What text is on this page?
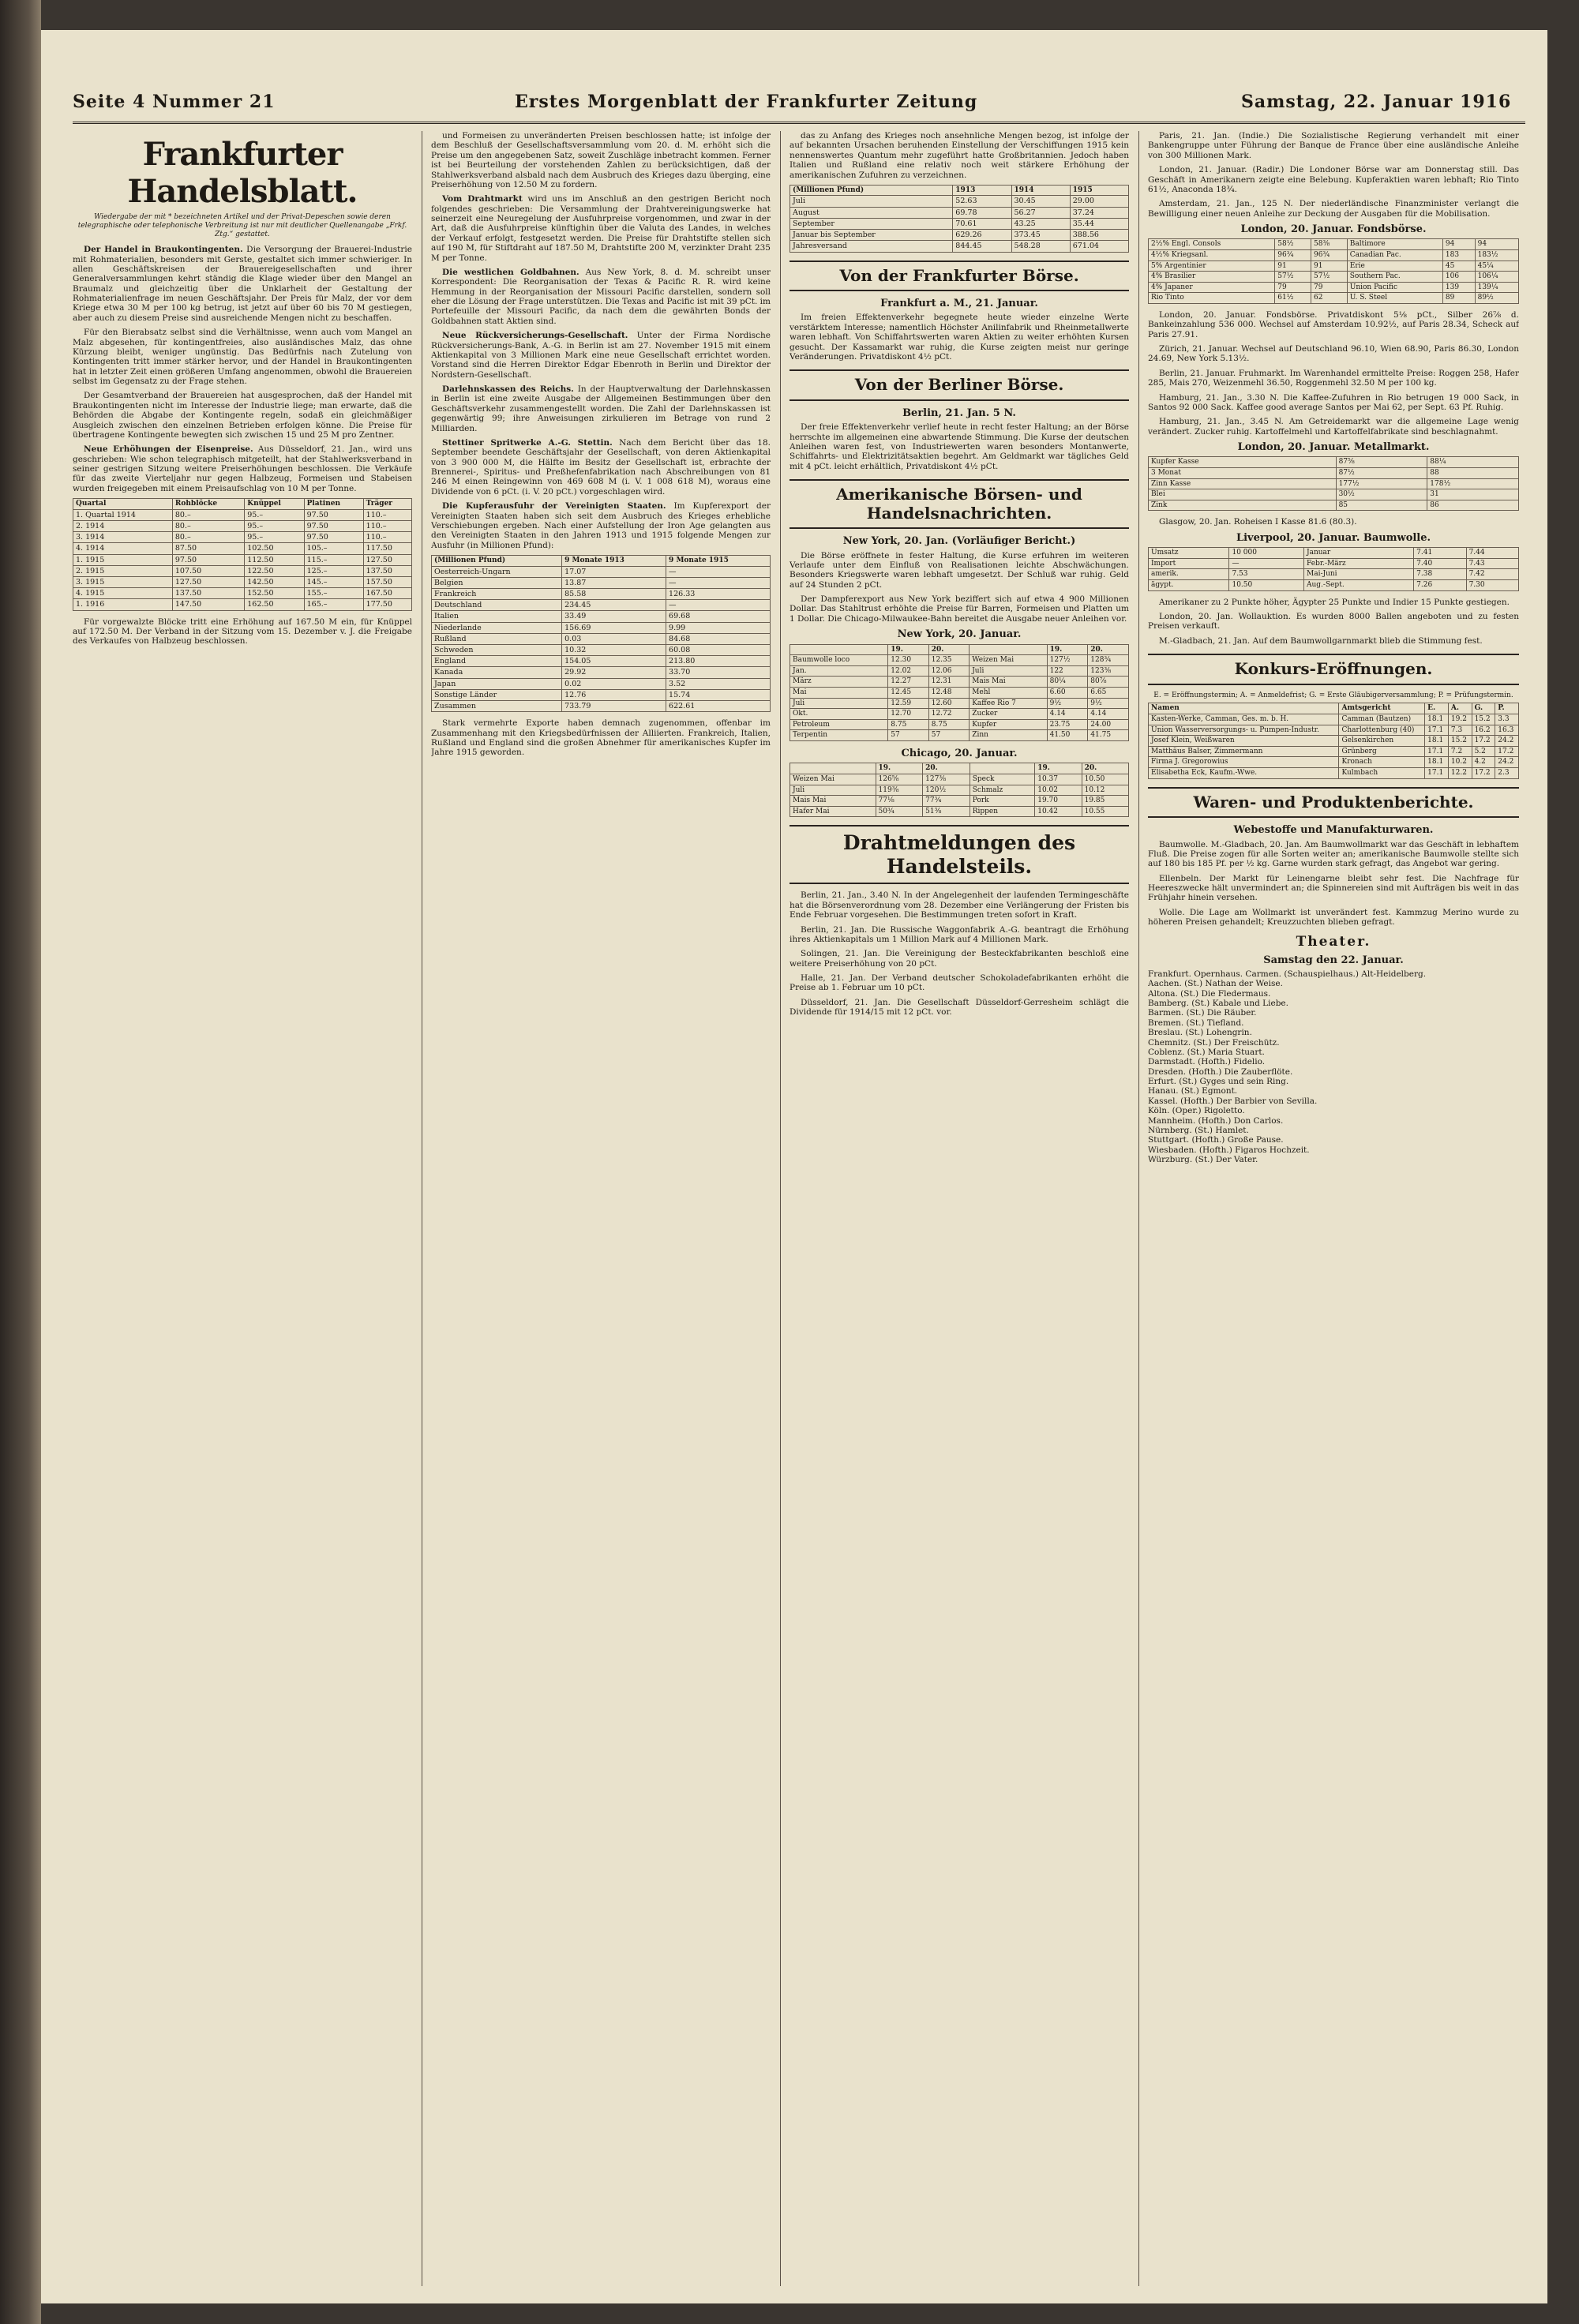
Seite 4 Nummer 21	Erstes Morgenblatt der Frankfurter Zeitung	Samstag, 22. Januar 1916
Frankfurter Handelsblatt.
Wiedergabe der mit * bezeichneten Artikel und der Privat-Depeschen sowie deren telegraphische oder telephonische Verbreitung ist nur mit deutlicher Quellenangabe „Frkf. Ztg.“ gestattet.

Der Handel in Braukontingenten. Die Versorgung der Brauerei-Industrie mit Rohmaterialien, besonders mit Gerste, gestaltet sich immer schwieriger. In allen Geschäftskreisen der Brauereigesellschaften und ihrer Generalversammlungen kehrt ständig die Klage wieder über den Mangel an Braumalz und gleichzeitig über die Unklarheit der Gestaltung der Rohmaterialienfrage im neuen Geschäftsjahr. Der Preis für Malz, der vor dem Kriege etwa 30 M per 100 kg betrug, ist jetzt auf über 60 bis 70 M gestiegen, aber auch zu diesem Preise sind ausreichende Mengen nicht zu beschaffen.

Für den Bierabsatz selbst sind die Verhältnisse, wenn auch vom Mangel an Malz abgesehen, für kontingentfreies, also ausländisches Malz, das ohne Kürzung bleibt, weniger ungünstig. Das Bedürfnis nach Zutelung von Kontingenten tritt immer stärker hervor, und der Handel in Braukontingenten hat in letzter Zeit einen größeren Umfang angenommen, obwohl die Brauereien selbst im Gegensatz zu der Frage stehen.

Der Gesamtverband der Brauereien hat ausgesprochen, daß der Handel mit Braukontingenten nicht im Interesse der Industrie liege; man erwarte, daß die Behörden die Abgabe der Kontingente regeln, sodaß ein gleichmäßiger Ausgleich zwischen den einzelnen Betrieben erfolgen könne. Die Preise für übertragene Kontingente bewegten sich zwischen 15 und 25 M pro Zentner.

Neue Erhöhungen der Eisenpreise. Aus Düsseldorf, 21. Jan., wird uns geschrieben: Wie schon telegraphisch mitgeteilt, hat der Stahlwerksverband in seiner gestrigen Sitzung weitere Preiserhöhungen beschlossen. Die Verkäufe für das zweite Vierteljahr nur gegen Halbzeug, Formeisen und Stabeisen wurden freigegeben mit einem Preisaufschlag von 10 M per Tonne.

Quartal	Rohblöcke	Knüppel	Platinen	Träger
1. Quartal 1914	80.–	95.–	97.50	110.–
2. 1914	80.–	95.–	97.50	110.–
3. 1914	80.–	95.–	97.50	110.–
4. 1914	87.50	102.50	105.–	117.50
1. 1915	97.50	112.50	115.–	127.50
2. 1915	107.50	122.50	125.–	137.50
3. 1915	127.50	142.50	145.–	157.50
4. 1915	137.50	152.50	155.–	167.50
1. 1916	147.50	162.50	165.–	177.50

Für vorgewalzte Blöcke tritt eine Erhöhung auf 167.50 M ein, für Knüppel auf 172.50 M. Der Verband in der Sitzung vom 15. Dezember v. J. die Freigabe des Verkaufes von Halbzeug beschlossen.

und Formeisen zu unveränderten Preisen beschlossen hatte; ist infolge der dem Beschluß der Gesellschaftsversammlung vom 20. d. M. erhöht sich die Preise um den angegebenen Satz, soweit Zuschläge inbetracht kommen. Ferner ist bei Beurteilung der vorstehenden Zahlen zu berücksichtigen, daß der Stahlwerksverband alsbald nach dem Ausbruch des Krieges dazu überging, eine Preiserhöhung von 12.50 M zu fordern.

Vom Drahtmarkt wird uns im Anschluß an den gestrigen Bericht noch folgendes geschrieben: Die Versammlung der Drahtvereinigungswerke hat seinerzeit eine Neuregelung der Ausfuhrpreise vorgenommen, und zwar in der Art, daß die Ausfuhrpreise künftighin über die Valuta des Landes, in welches der Verkauf erfolgt, festgesetzt werden. Die Preise für Drahtstifte stellen sich auf 190 M, für Stiftdraht auf 187.50 M, Drahtstifte 200 M, verzinkter Draht 235 M per Tonne.

Die westlichen Goldbahnen. Aus New York, 8. d. M. schreibt unser Korrespondent: Die Reorganisation der Texas & Pacific R. R. wird keine Hemmung in der Reorganisation der Missouri Pacific darstellen, sondern soll eher die Lösung der Frage unterstützen. Die Texas and Pacific ist mit 39 pCt. im Portefeuille der Missouri Pacific, da nach dem die gewährten Bonds der Goldbahnen statt Aktien sind.

Neue Rückversicherungs-Gesellschaft. Unter der Firma Nordische Rückversicherungs-Bank, A.-G. in Berlin ist am 27. November 1915 mit einem Aktienkapital von 3 Millionen Mark eine neue Gesellschaft errichtet worden. Vorstand sind die Herren Direktor Edgar Ebenroth in Berlin und Direktor der Nordstern-Gesellschaft.

Darlehnskassen des Reichs. In der Hauptverwaltung der Darlehnskassen in Berlin ist eine zweite Ausgabe der Allgemeinen Bestimmungen über den Geschäftsverkehr zusammengestellt worden. Die Zahl der Darlehnskassen ist gegenwärtig 99; ihre Anweisungen zirkulieren im Betrage von rund 2 Milliarden.

Stettiner Spritwerke A.-G. Stettin. Nach dem Bericht über das 18. September beendete Geschäftsjahr der Gesellschaft, von deren Aktienkapital von 3 900 000 M, die Hälfte im Besitz der Gesellschaft ist, erbrachte der Brennerei-, Spiritus- und Preßhefenfabrikation nach Abschreibungen von 81 246 M einen Reingewinn von 469 608 M (i. V. 1 008 618 M), woraus eine Dividende von 6 pCt. (i. V. 20 pCt.) vorgeschlagen wird.

Die Kupferausfuhr der Vereinigten Staaten. Im Kupferexport der Vereinigten Staaten haben sich seit dem Ausbruch des Krieges erhebliche Verschiebungen ergeben. Nach einer Aufstellung der Iron Age gelangten aus den Vereinigten Staaten in den Jahren 1913 und 1915 folgende Mengen zur Ausfuhr (in Millionen Pfund):

(Millionen Pfund)	9 Monate 1913	9 Monate 1915
Oesterreich-Ungarn	17.07	—
Belgien	13.87	—
Frankreich	85.58	126.33
Deutschland	234.45	—
Italien	33.49	69.68
Niederlande	156.69	9.99
Rußland	0.03	84.68
Schweden	10.32	60.08
England	154.05	213.80
Kanada	29.92	33.70
Japan	0.02	3.52
Sonstige Länder	12.76	15.74
Zusammen	733.79	622.61

Stark vermehrte Exporte haben demnach zugenommen, offenbar im Zusammenhang mit den Kriegsbedürfnissen der Alliierten. Frankreich, Italien, Rußland und England sind die großen Abnehmer für amerikanisches Kupfer im Jahre 1915 geworden.

das zu Anfang des Krieges noch ansehnliche Mengen bezog, ist infolge der auf bekannten Ursachen beruhenden Einstellung der Verschiffungen 1915 kein nennenswertes Quantum mehr zugeführt hatte Großbritannien. Jedoch haben Italien und Rußland eine relativ noch weit stärkere Erhöhung der amerikanischen Zufuhren zu verzeichnen.

(Millionen Pfund)	1913	1914	1915
Juli	52.63	30.45	29.00
August	69.78	56.27	37.24
September	70.61	43.25	35.44
Januar bis September	629.26	373.45	388.56
Jahresversand	844.45	548.28	671.04
Von der Frankfurter Börse.
Frankfurt a. M., 21. Januar.

Im freien Effektenverkehr begegnete heute wieder einzelne Werte verstärktem Interesse; namentlich Höchster Anilinfabrik und Rheinmetallwerte waren lebhaft. Von Schiffahrtswerten waren Aktien zu weiter erhöhten Kursen gesucht. Der Kassamarkt war ruhig, die Kurse zeigten meist nur geringe Veränderungen. Privatdiskont 4½ pCt.

Von der Berliner Börse.
Berlin, 21. Jan. 5 N.

Der freie Effektenverkehr verlief heute in recht fester Haltung; an der Börse herrschte im allgemeinen eine abwartende Stimmung. Die Kurse der deutschen Anleihen waren fest, von Industriewerten waren besonders Montanwerte, Schiffahrts- und Elektrizitätsaktien begehrt. Am Geldmarkt war tägliches Geld mit 4 pCt. leicht erhältlich, Privatdiskont 4½ pCt.

Amerikanische Börsen- und Handelsnachrichten.
New York, 20. Jan. (Vorläufiger Bericht.)

Die Börse eröffnete in fester Haltung, die Kurse erfuhren im weiteren Verlaufe unter dem Einfluß von Realisationen leichte Abschwächungen. Besonders Kriegswerte waren lebhaft umgesetzt. Der Schluß war ruhig. Geld auf 24 Stunden 2 pCt.

Der Dampferexport aus New York beziffert sich auf etwa 4 900 Millionen Dollar. Das Stahltrust erhöhte die Preise für Barren, Formeisen und Platten um 1 Dollar. Die Chicago-Milwaukee-Bahn bereitet die Ausgabe neuer Anleihen vor.

New York, 20. Januar.
	19.	20.		19.	20.
Baumwolle loco	12.30	12.35	Weizen Mai	127½	128¾
Jan.	12.02	12.06	Juli	122	123⅜
März	12.27	12.31	Mais Mai	80¼	80⅞
Mai	12.45	12.48	Mehl	6.60	6.65
Juli	12.59	12.60	Kaffee Rio 7	9½	9½
Okt.	12.70	12.72	Zucker	4.14	4.14
Petroleum	8.75	8.75	Kupfer	23.75	24.00
Terpentin	57	57	Zinn	41.50	41.75
Chicago, 20. Januar.
	19.	20.		19.	20.
Weizen Mai	126⅝	127⅜	Speck	10.37	10.50
Juli	119⅜	120½	Schmalz	10.02	10.12
Mais Mai	77⅛	77¾	Pork	19.70	19.85
Hafer Mai	50¾	51⅜	Rippen	10.42	10.55
Drahtmeldungen des Handelsteils.

Berlin, 21. Jan., 3.40 N. In der Angelegenheit der laufenden Termingeschäfte hat die Börsenverordnung vom 28. Dezember eine Verlängerung der Fristen bis Ende Februar vorgesehen. Die Bestimmungen treten sofort in Kraft.

Berlin, 21. Jan. Die Russische Waggonfabrik A.-G. beantragt die Erhöhung ihres Aktienkapitals um 1 Million Mark auf 4 Millionen Mark.

Solingen, 21. Jan. Die Vereinigung der Besteckfabrikanten beschloß eine weitere Preiserhöhung von 20 pCt.

Halle, 21. Jan. Der Verband deutscher Schokoladefabrikanten erhöht die Preise ab 1. Februar um 10 pCt.

Düsseldorf, 21. Jan. Die Gesellschaft Düsseldorf-Gerresheim schlägt die Dividende für 1914/15 mit 12 pCt. vor.

Paris, 21. Jan. (Indie.) Die Sozialistische Regierung verhandelt mit einer Bankengruppe unter Führung der Banque de France über eine ausländische Anleihe von 300 Millionen Mark.

London, 21. Januar. (Radir.) Die Londoner Börse war am Donnerstag still. Das Geschäft in Amerikanern zeigte eine Belebung. Kupferaktien waren lebhaft; Rio Tinto 61½, Anaconda 18¾.

Amsterdam, 21. Jan., 125 N. Der niederländische Finanzminister verlangt die Bewilligung einer neuen Anleihe zur Deckung der Ausgaben für die Mobilisation.

London, 20. Januar. Fondsbörse.
2½% Engl. Consols	58½	58⅜	Baltimore	94	94
4½% Kriegsanl.	96¾	96¾	Canadian Pac.	183	183½
5% Argentinier	91	91	Erie	45	45¼
4% Brasilier	57½	57½	Southern Pac.	106	106¼
4% Japaner	79	79	Union Pacific	139	139¼
Rio Tinto	61½	62	U. S. Steel	89	89½

London, 20. Januar. Fondsbörse. Privatdiskont 5⅛ pCt., Silber 26⅞ d. Bankeinzahlung 536 000. Wechsel auf Amsterdam 10.92½, auf Paris 28.34, Scheck auf Paris 27.91.

Zürich, 21. Januar. Wechsel auf Deutschland 96.10, Wien 68.90, Paris 86.30, London 24.69, New York 5.13½.

Berlin, 21. Januar. Fruhmarkt. Im Warenhandel ermittelte Preise: Roggen 258, Hafer 285, Mais 270, Weizenmehl 36.50, Roggenmehl 32.50 M per 100 kg.

Hamburg, 21. Jan., 3.30 N. Die Kaffee-Zufuhren in Rio betrugen 19 000 Sack, in Santos 92 000 Sack. Kaffee good average Santos per Mai 62, per Sept. 63 Pf. Ruhig.

Hamburg, 21. Jan., 3.45 N. Am Getreidemarkt war die allgemeine Lage wenig verändert. Zucker ruhig. Kartoffelmehl und Kartoffelfabrikate sind beschlagnahmt.

London, 20. Januar. Metallmarkt.
Kupfer Kasse	87⅝	88¼
3 Monat	87½	88
Zinn Kasse	177½	178½
Blei	30½	31
Zink	85	86

Glasgow, 20. Jan. Roheisen I Kasse 81.6 (80.3).

Liverpool, 20. Januar. Baumwolle.
Umsatz	10 000	Januar	7.41	7.44
Import	—	Febr.-März	7.40	7.43
amerik.	7.53	Mai-Juni	7.38	7.42
ägypt.	10.50	Aug.-Sept.	7.26	7.30

Amerikaner zu 2 Punkte höher, Ägypter 25 Punkte und Indier 15 Punkte gestiegen.

London, 20. Jan. Wollauktion. Es wurden 8000 Ballen angeboten und zu festen Preisen verkauft.

M.-Gladbach, 21. Jan. Auf dem Baumwollgarnmarkt blieb die Stimmung fest.

Konkurs-Eröffnungen.
E. = Eröffnungstermin; A. = Anmeldefrist; G. = Erste Gläubigerversammlung; P. = Prüfungstermin.
Namen	Amtsgericht	E.	A.	G.	P.
Kasten-Werke, Camman, Ges. m. b. H.	Camman (Bautzen)	18.1	19.2	15.2	3.3
Union Wasserversorgungs- u. Pumpen-Industr.	Charlottenburg (40)	17.1	7.3	16.2	16.3
Josef Klein, Weißwaren	Gelsenkirchen	18.1	15.2	17.2	24.2
Matthäus Balser, Zimmermann	Grünberg	17.1	7.2	5.2	17.2
Firma J. Gregorowius	Kronach	18.1	10.2	4.2	24.2
Elisabetha Eck, Kaufm.-Wwe.	Kulmbach	17.1	12.2	17.2	2.3
Waren- und Produktenberichte.
Webestoffe und Manufakturwaren.

Baumwolle. M.-Gladbach, 20. Jan. Am Baumwollmarkt war das Geschäft in lebhaftem Fluß. Die Preise zogen für alle Sorten weiter an; amerikanische Baumwolle stellte sich auf 180 bis 185 Pf. per ½ kg. Garne wurden stark gefragt, das Angebot war gering.

Ellenbeln. Der Markt für Leinengarne bleibt sehr fest. Die Nachfrage für Heereszwecke hält unvermindert an; die Spinnereien sind mit Aufträgen bis weit in das Frühjahr hinein versehen.

Wolle. Die Lage am Wollmarkt ist unverändert fest. Kammzug Merino wurde zu höheren Preisen gehandelt; Kreuzzuchten blieben gefragt.

Theater.
Samstag den 22. Januar.
Frankfurt. Opernhaus. Carmen. (Schauspielhaus.) Alt-Heidelberg.
Aachen. (St.) Nathan der Weise.
Altona. (St.) Die Fledermaus.
Bamberg. (St.) Kabale und Liebe.
Barmen. (St.) Die Räuber.
Bremen. (St.) Tiefland.
Breslau. (St.) Lohengrin.
Chemnitz. (St.) Der Freischütz.
Coblenz. (St.) Maria Stuart.
Darmstadt. (Hofth.) Fidelio.
Dresden. (Hofth.) Die Zauberflöte.
Erfurt. (St.) Gyges und sein Ring.
Hanau. (St.) Egmont.
Kassel. (Hofth.) Der Barbier von Sevilla.
Köln. (Oper.) Rigoletto.
Mannheim. (Hofth.) Don Carlos.
Nürnberg. (St.) Hamlet.
Stuttgart. (Hofth.) Große Pause.
Wiesbaden. (Hofth.) Figaros Hochzeit.
Würzburg. (St.) Der Vater.
